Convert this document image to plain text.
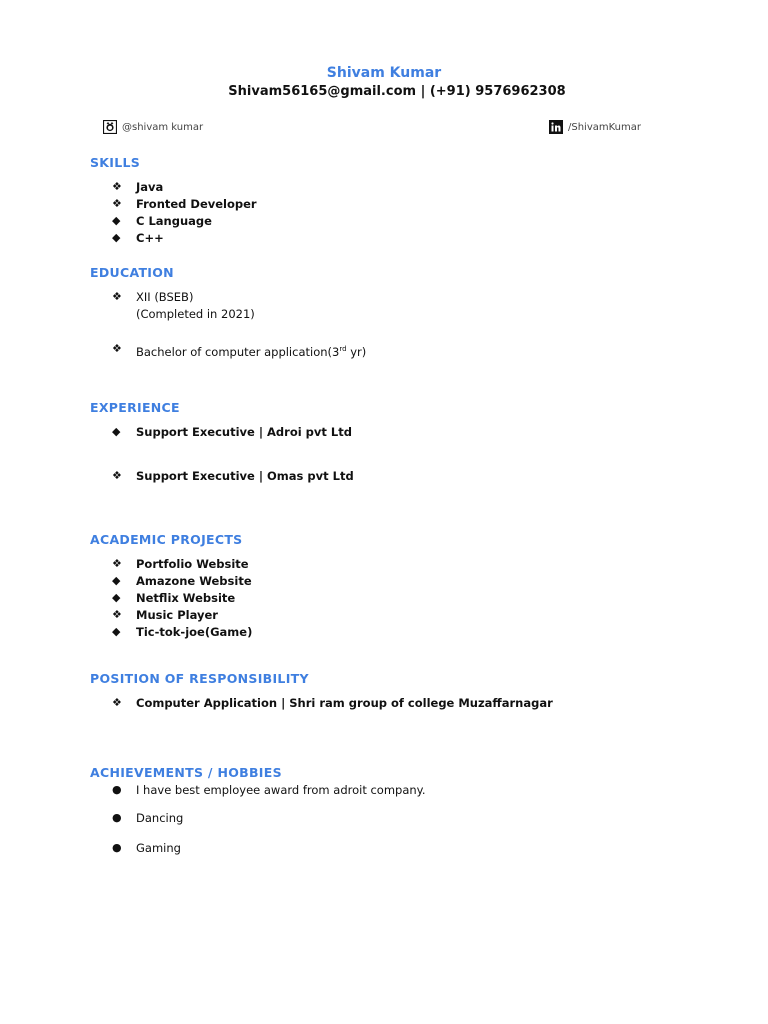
Shivam Kumar
Shivam56165@gmail.com | (+91) 9576962308
@shivam kumar	/ShivamKumar
SKILLS
❖	Java
❖	Fronted Developer
◆	C Language
◆	C++
EDUCATION
❖	XII (BSEB)
(Completed in 2021)
❖	Bachelor of computer application(3rd yr)
EXPERIENCE
◆	Support Executive | Adroi pvt Ltd
❖	Support Executive | Omas pvt Ltd
ACADEMIC PROJECTS
❖	Portfolio Website
◆	Amazone Website
◆	Netflix Website
❖	Music Player
◆	Tic-tok-joe(Game)
POSITION OF RESPONSIBILITY
❖	Computer Application | Shri ram group of college Muzaffarnagar
ACHIEVEMENTS / HOBBIES
●	I have best employee award from adroit company.
●	Dancing
●	Gaming
